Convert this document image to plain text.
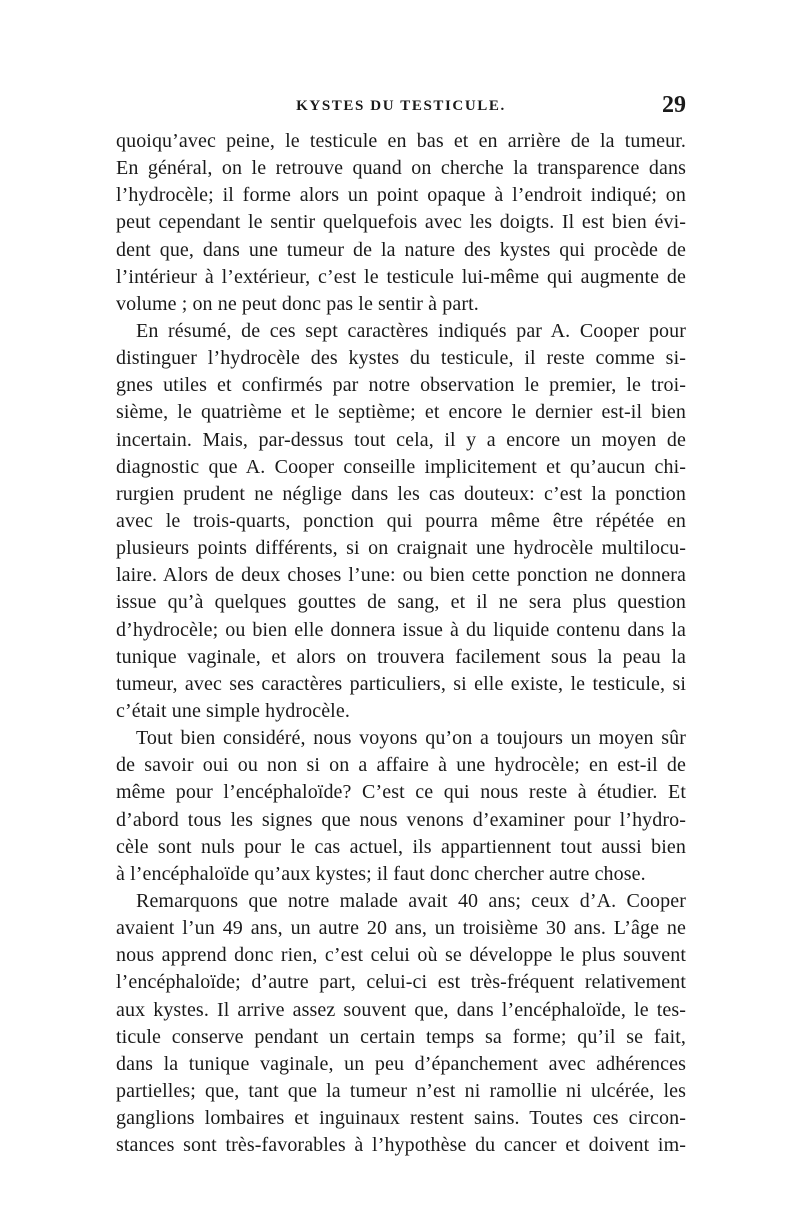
KYSTES DU TESTICULE.	29
quoiqu’avec peine, le testicule en bas et en arrière de la tumeur.
En général, on le retrouve quand on cherche la transparence dans
l’hydrocèle; il forme alors un point opaque à l’endroit indiqué; on
peut cependant le sentir quelquefois avec les doigts. Il est bien évi-
dent que, dans une tumeur de la nature des kystes qui procède de
l’intérieur à l’extérieur, c’est le testicule lui-même qui augmente de
volume ; on ne peut donc pas le sentir à part.
En résumé, de ces sept caractères indiqués par A. Cooper pour
distinguer l’hydrocèle des kystes du testicule, il reste comme si-
gnes utiles et confirmés par notre observation le premier, le troi-
sième, le quatrième et le septième; et encore le dernier est-il bien
incertain. Mais, par-dessus tout cela, il y a encore un moyen de
diagnostic que A. Cooper conseille implicitement et qu’aucun chi-
rurgien prudent ne néglige dans les cas douteux: c’est la ponction
avec le trois-quarts, ponction qui pourra même être répétée en
plusieurs points différents, si on craignait une hydrocèle multilocu-
laire. Alors de deux choses l’une: ou bien cette ponction ne donnera
issue qu’à quelques gouttes de sang, et il ne sera plus question
d’hydrocèle; ou bien elle donnera issue à du liquide contenu dans la
tunique vaginale, et alors on trouvera facilement sous la peau la
tumeur, avec ses caractères particuliers, si elle existe, le testicule, si
c’était une simple hydrocèle.
Tout bien considéré, nous voyons qu’on a toujours un moyen sûr
de savoir oui ou non si on a affaire à une hydrocèle; en est-il de
même pour l’encéphaloïde? C’est ce qui nous reste à étudier. Et
d’abord tous les signes que nous venons d’examiner pour l’hydro-
cèle sont nuls pour le cas actuel, ils appartiennent tout aussi bien
à l’encéphaloïde qu’aux kystes; il faut donc chercher autre chose.
Remarquons que notre malade avait 40 ans; ceux d’A. Cooper
avaient l’un 49 ans, un autre 20 ans, un troisième 30 ans. L’âge ne
nous apprend donc rien, c’est celui où se développe le plus souvent
l’encéphaloïde; d’autre part, celui-ci est très-fréquent relativement
aux kystes. Il arrive assez souvent que, dans l’encéphaloïde, le tes-
ticule conserve pendant un certain temps sa forme; qu’il se fait,
dans la tunique vaginale, un peu d’épanchement avec adhérences
partielles; que, tant que la tumeur n’est ni ramollie ni ulcérée, les
ganglions lombaires et inguinaux restent sains. Toutes ces circon-
stances sont très-favorables à l’hypothèse du cancer et doivent im-
